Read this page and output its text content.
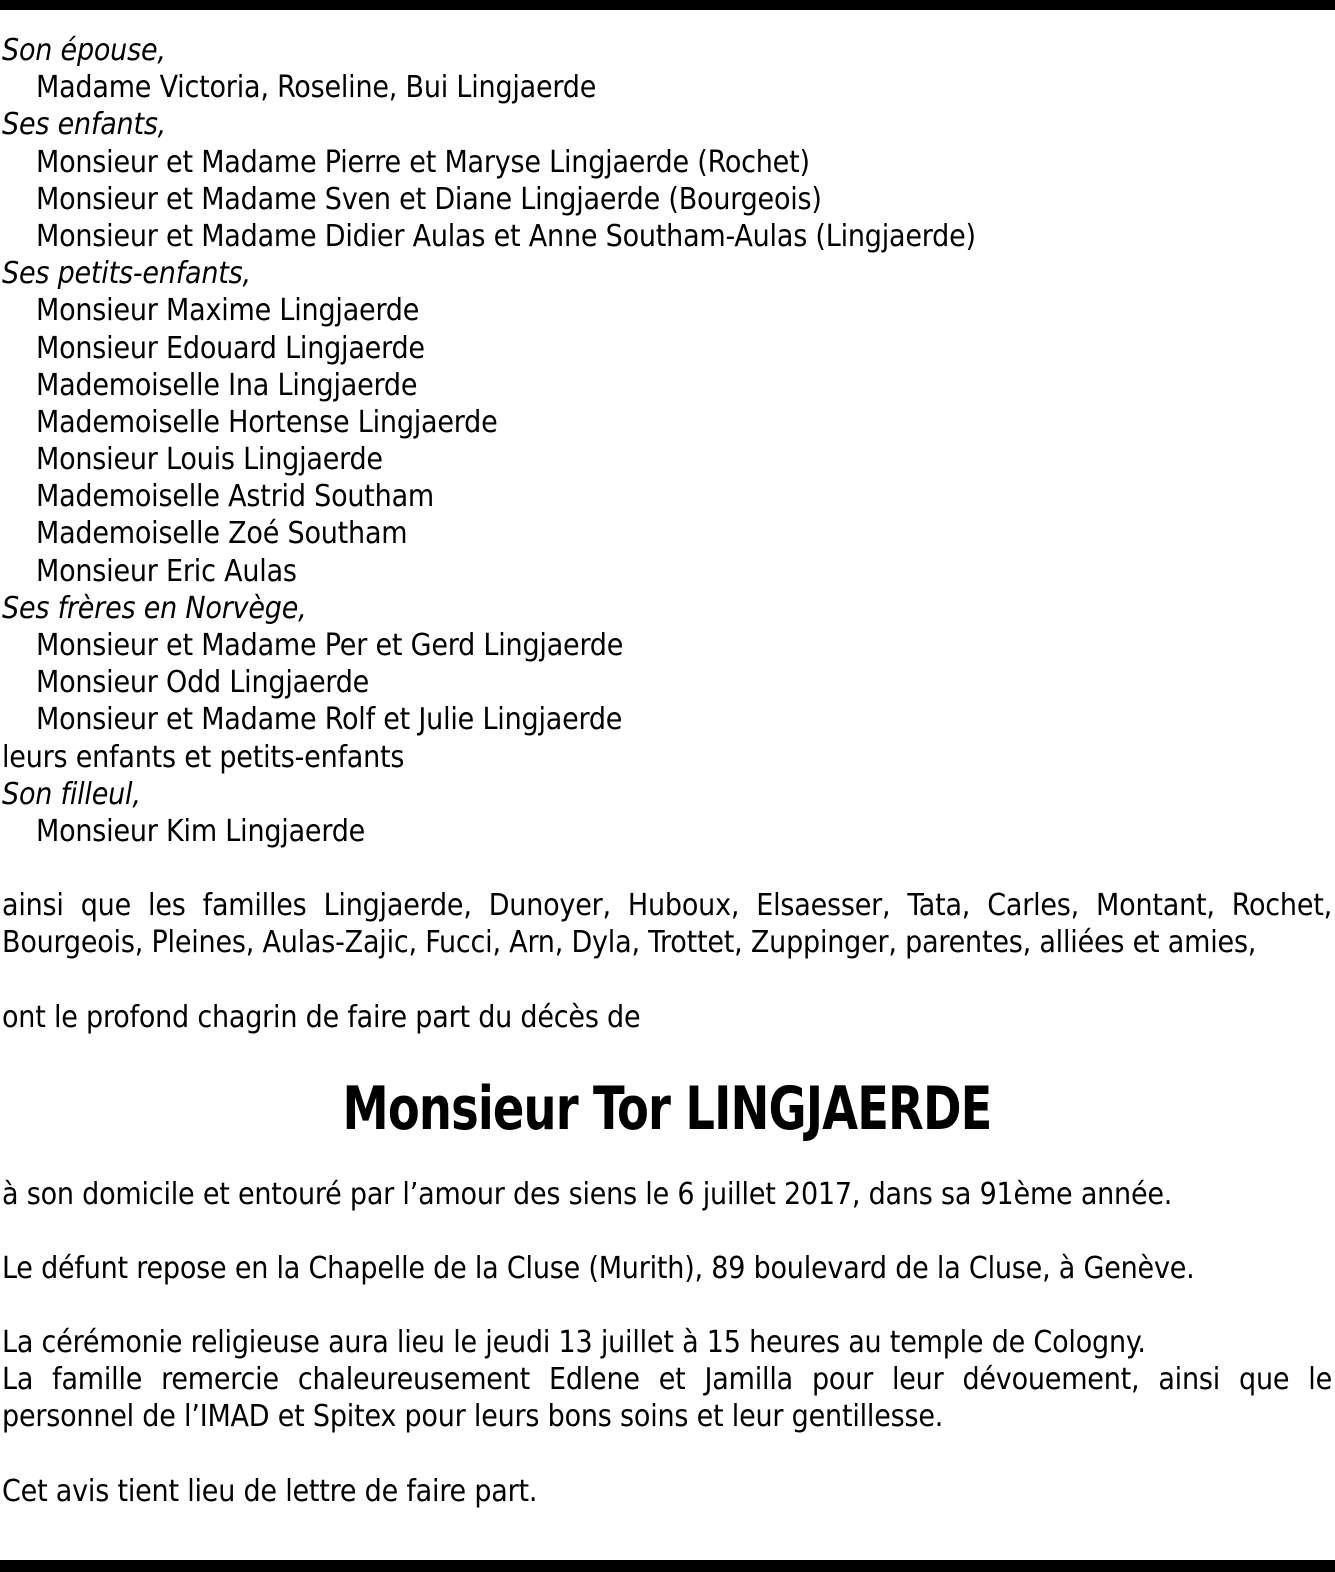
Son épouse,
Madame Victoria, Roseline, Bui Lingjaerde
Ses enfants,
Monsieur et Madame Pierre et Maryse Lingjaerde (Rochet)
Monsieur et Madame Sven et Diane Lingjaerde (Bourgeois)
Monsieur et Madame Didier Aulas et Anne Southam-Aulas (Lingjaerde)
Ses petits-enfants,
Monsieur Maxime Lingjaerde
Monsieur Edouard Lingjaerde
Mademoiselle Ina Lingjaerde
Mademoiselle Hortense Lingjaerde
Monsieur Louis Lingjaerde
Mademoiselle Astrid Southam
Mademoiselle Zoé Southam
Monsieur Eric Aulas
Ses frères en Norvège,
Monsieur et Madame Per et Gerd Lingjaerde
Monsieur Odd Lingjaerde
Monsieur et Madame Rolf et Julie Lingjaerde
leurs enfants et petits-enfants
Son filleul,
Monsieur Kim Lingjaerde
ainsi que les familles Lingjaerde, Dunoyer, Huboux, Elsaesser, Tata, Carles, Montant, Rochet, Bourgeois, Pleines, Aulas-Zajic, Fucci, Arn, Dyla, Trottet, Zuppinger, parentes, alliées et amies,
ont le profond chagrin de faire part du décès de
Monsieur Tor LINGJAERDE
à son domicile et entouré par l’amour des siens le 6 juillet 2017, dans sa 91ème année.
Le défunt repose en la Chapelle de la Cluse (Murith), 89 boulevard de la Cluse, à Genève.
La cérémonie religieuse aura lieu le jeudi 13 juillet à 15 heures au temple de Cologny.
La famille remercie chaleureusement Edlene et Jamilla pour leur dévouement, ainsi que le personnel de l’IMAD et Spitex pour leurs bons soins et leur gentillesse.
Cet avis tient lieu de lettre de faire part.
